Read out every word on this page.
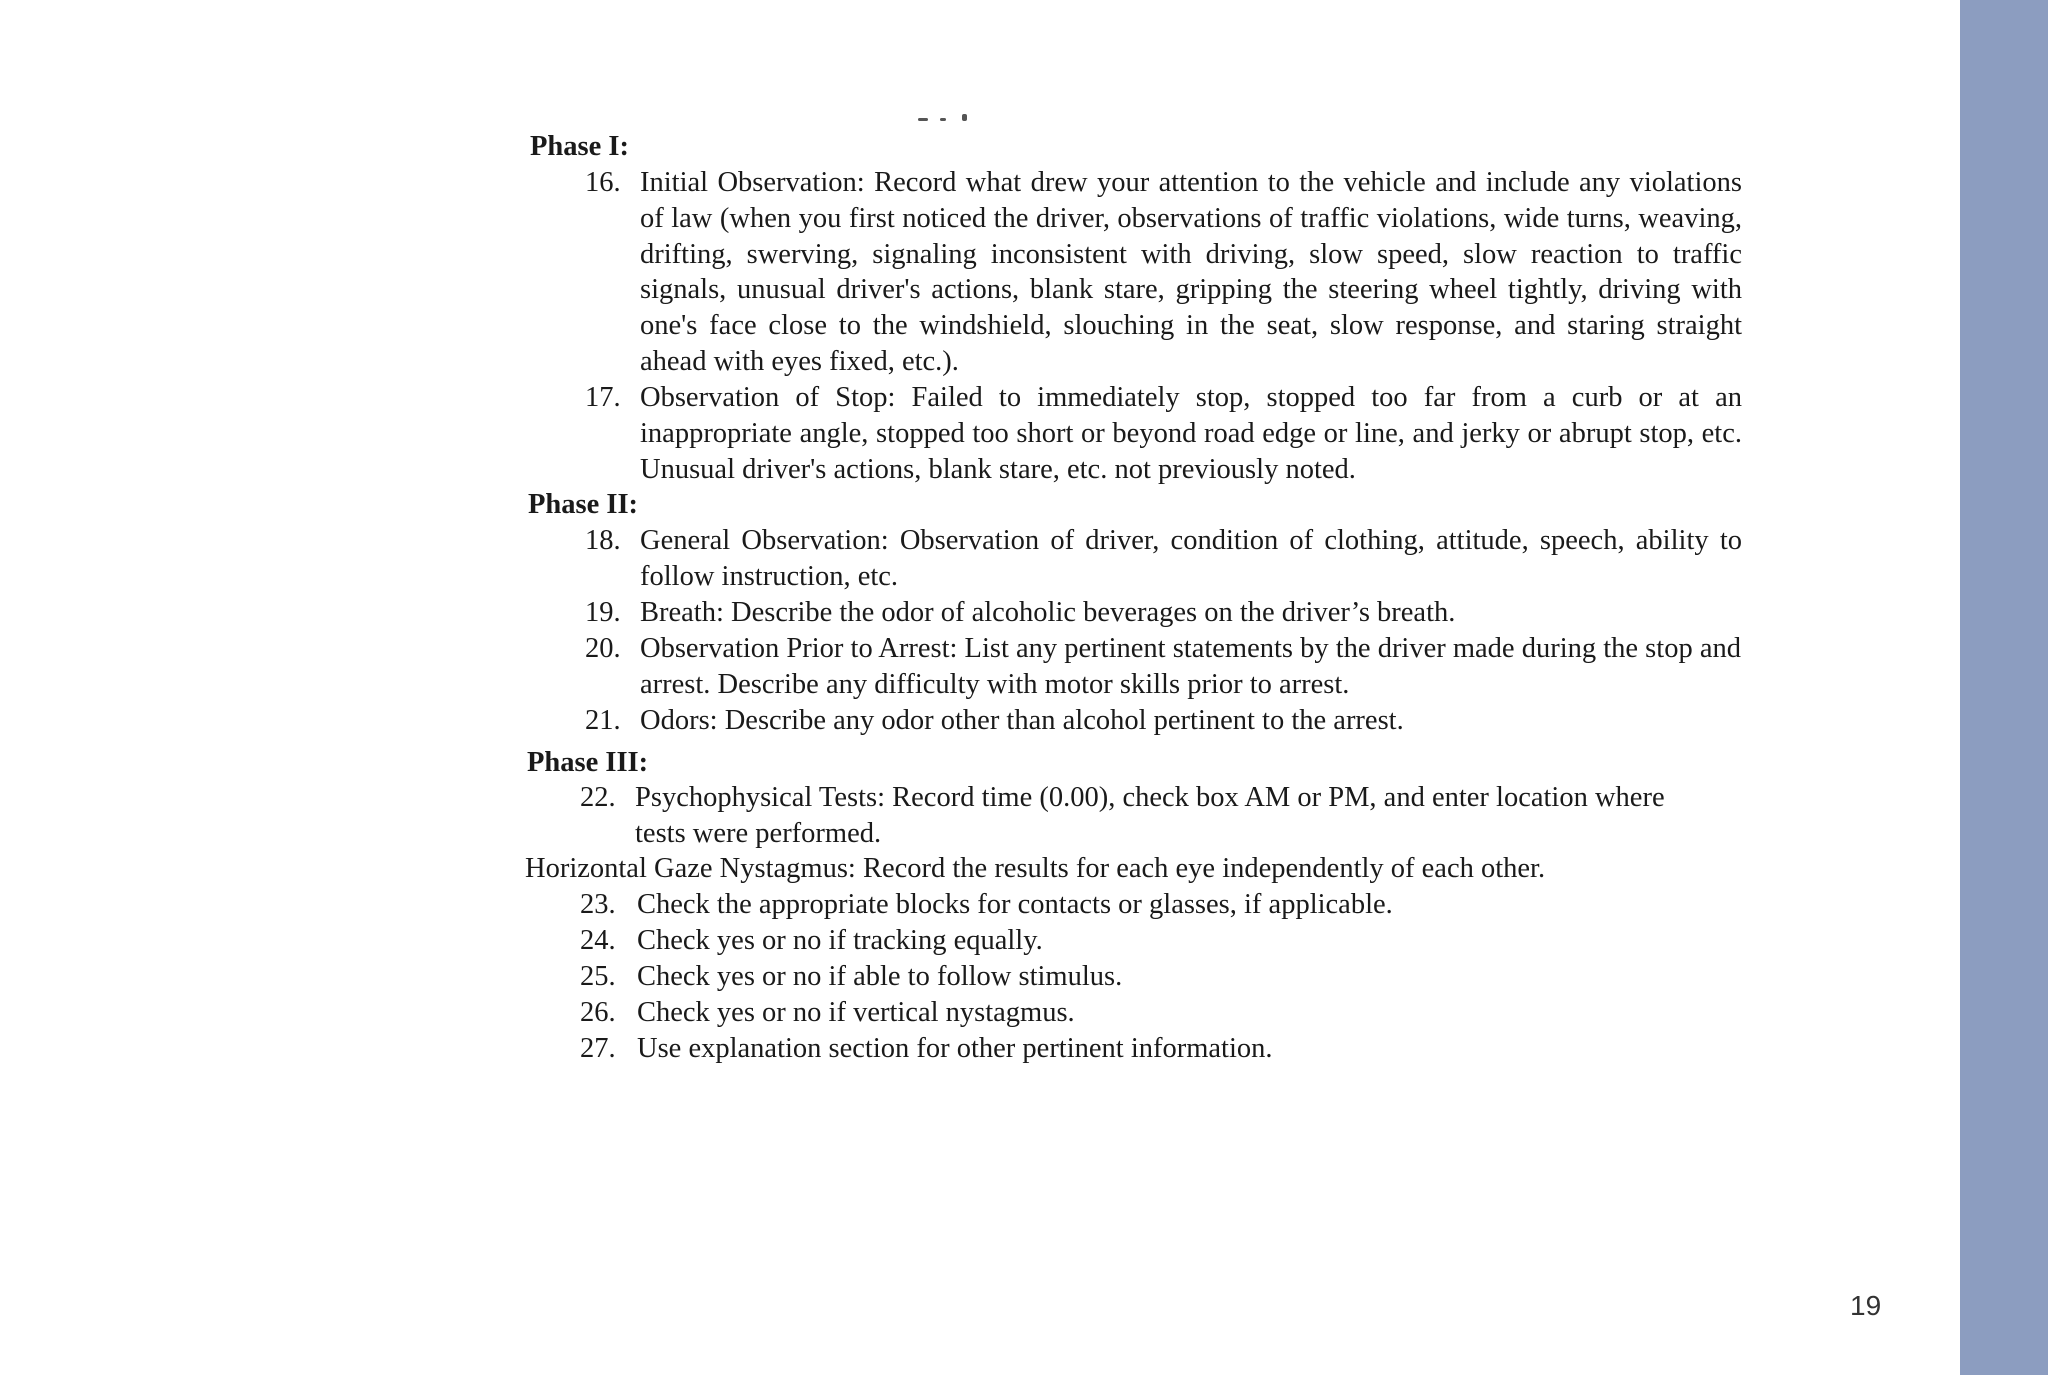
Phase I:
16. Initial Observation: Record what drew your attention to the vehicle and include any violations of law (when you first noticed the driver, observations of traffic violations, wide turns, weaving, drifting, swerving, signaling inconsistent with driving, slow speed, slow reaction to traffic signals, unusual driver's actions, blank stare, gripping the steering wheel tightly, driving with one's face close to the windshield, slouching in the seat, slow response, and staring straight ahead with eyes fixed, etc.).
17. Observation of Stop: Failed to immediately stop, stopped too far from a curb or at an inappropriate angle, stopped too short or beyond road edge or line, and jerky or abrupt stop, etc. Unusual driver's actions, blank stare, etc. not previously noted.
Phase II:
18. General Observation: Observation of driver, condition of clothing, attitude, speech, ability to follow instruction, etc.
19. Breath: Describe the odor of alcoholic beverages on the driver’s breath.
20. Observation Prior to Arrest: List any pertinent statements by the driver made during the stop and arrest. Describe any difficulty with motor skills prior to arrest.
21. Odors: Describe any odor other than alcohol pertinent to the arrest.
Phase III:
22. Psychophysical Tests: Record time (0.00), check box AM or PM, and enter location where tests were performed.
Horizontal Gaze Nystagmus: Record the results for each eye independently of each other.
23. Check the appropriate blocks for contacts or glasses, if applicable.
24. Check yes or no if tracking equally.
25. Check yes or no if able to follow stimulus.
26. Check yes or no if vertical nystagmus.
27. Use explanation section for other pertinent information.
19
